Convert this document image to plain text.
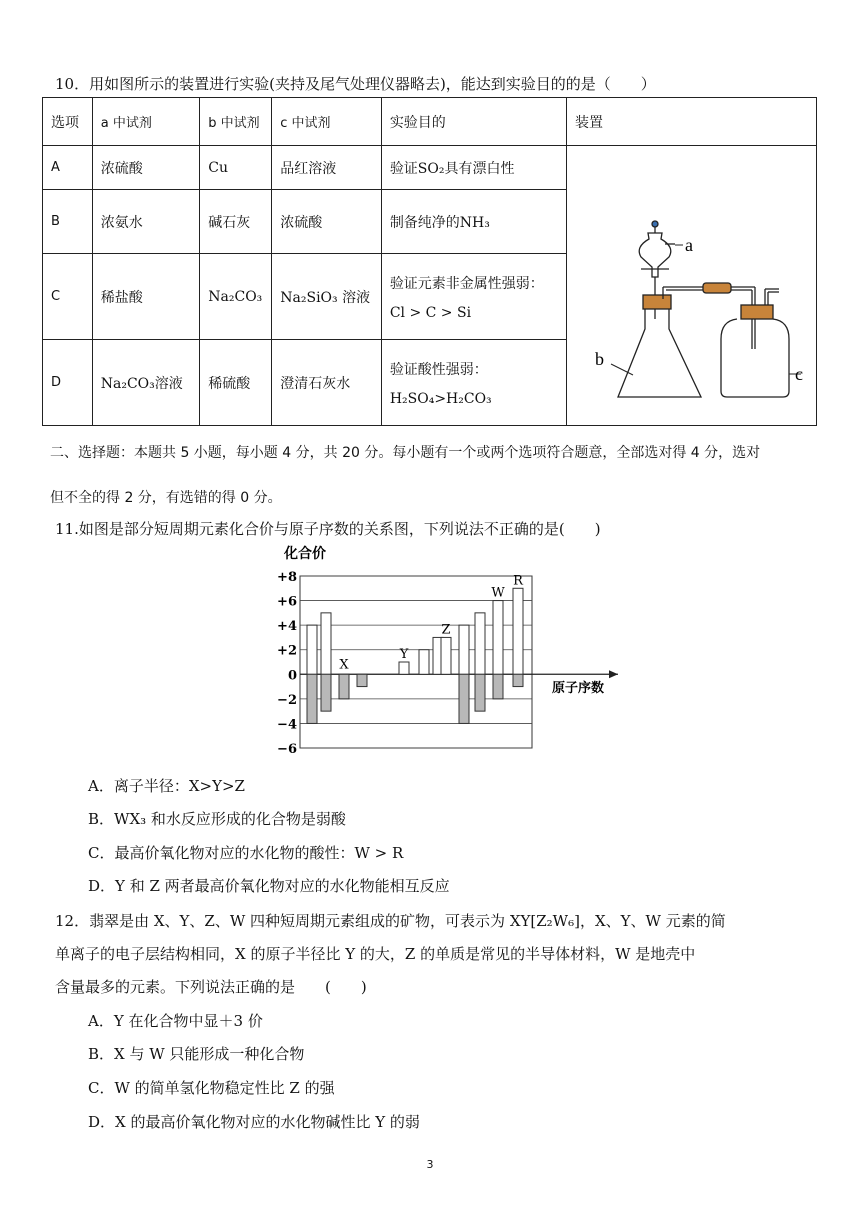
10．用如图所示的装置进行实验(夹持及尾气处理仪器略去)，能达到实验目的的是（　　）
选项	a 中试剂	b 中试剂	c 中试剂	实验目的	装置
A	浓硫酸	Cu	品红溶液	验证SO₂具有漂白性	a
b
c

B	浓氨水	碱石灰	浓硫酸	制备纯净的NH₃	
C	稀盐酸	Na₂CO₃	Na₂SiO₃ 溶液	验证元素非金属性强弱：
Cl > C > Si	

D	Na₂CO₃溶液	稀硫酸	澄清石灰水	验证酸性强弱：
H₂SO₄>H₂CO₃	
二、选择题：本题共 5 小题，每小题 4 分，共 20 分。每小题有一个或两个选项符合题意，全部选对得 4 分，选对
但不全的得 2 分，有选错的得 0 分。
11.如图是部分短周期元素化合价与原子序数的关系图，下列说法不正确的是(　　)
+8
+6
+4
+2
0
−2
−4
−6
X
Y
Z
W
R
化合价
原子序数
A．离子半径：X>Y>Z
B．WX₃ 和水反应形成的化合物是弱酸
C．最高价氧化物对应的水化物的酸性：W > R
D．Y 和 Z 两者最高价氧化物对应的水化物能相互反应
12．翡翠是由 X、Y、Z、W 四种短周期元素组成的矿物，可表示为 XY[Z₂W₆]，X、Y、W 元素的简
单离子的电子层结构相同，X 的原子半径比 Y 的大，Z 的单质是常见的半导体材料，W 是地壳中
含量最多的元素。下列说法正确的是　　(　　)
A．Y 在化合物中显＋3 价
B．X 与 W 只能形成一种化合物
C．W 的简单氢化物稳定性比 Z 的强
D．X 的最高价氧化物对应的水化物碱性比 Y 的弱
3
